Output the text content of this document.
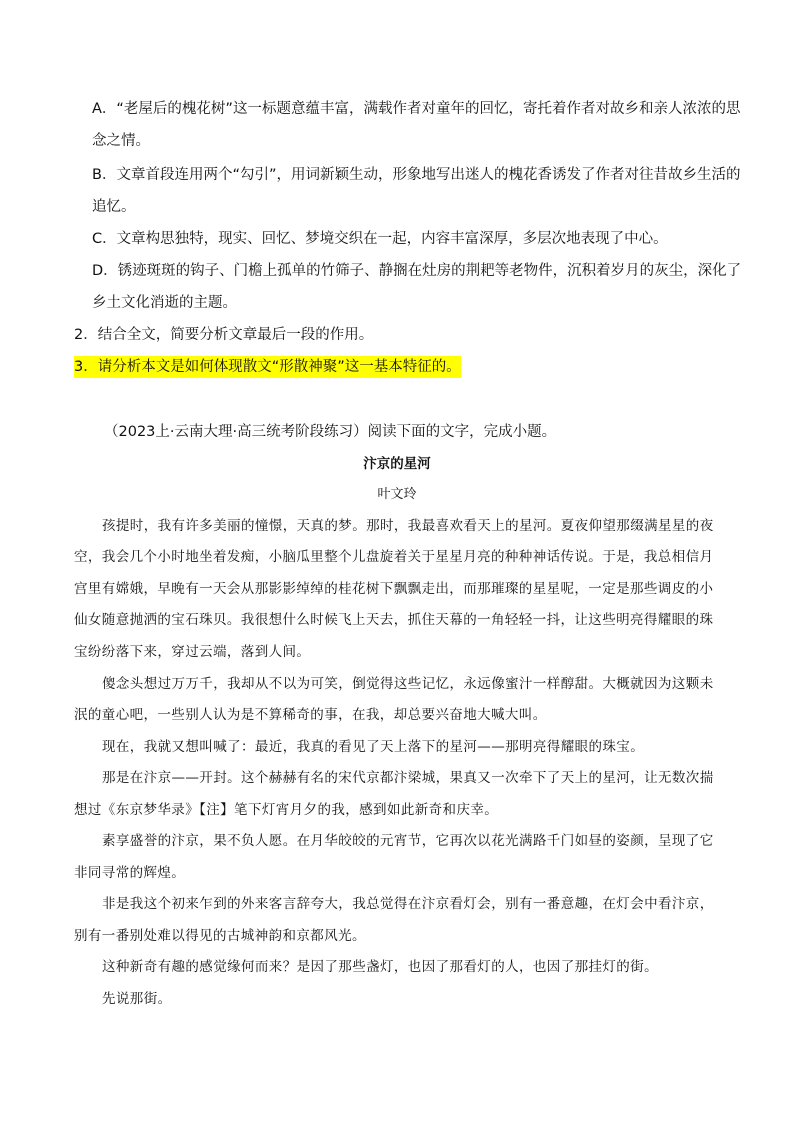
A．“老屋后的槐花树”这一标题意蕴丰富，满载作者对童年的回忆，寄托着作者对故乡和亲人浓浓的思
念之情。
B．文章首段连用两个“勾引”，用词新颖生动，形象地写出迷人的槐花香诱发了作者对往昔故乡生活的
追忆。
C．文章构思独特，现实、回忆、梦境交织在一起，内容丰富深厚，多层次地表现了中心。
D．锈迹斑斑的钩子、门檐上孤单的竹筛子、静搁在灶房的荆耙等老物件，沉积着岁月的灰尘，深化了
乡土文化消逝的主题。
2．结合全文，简要分析文章最后一段的作用。
3．请分析本文是如何体现散文“形散神聚”这一基本特征的。
（2023上·云南大理·高三统考阶段练习）阅读下面的文字，完成小题。
汴京的星河
叶文玲
孩提时，我有许多美丽的憧憬，天真的梦。那时，我最喜欢看天上的星河。夏夜仰望那缀满星星的夜
空，我会几个小时地坐着发痴，小脑瓜里整个儿盘旋着关于星星月亮的种种神话传说。于是，我总相信月
宫里有嫦娥，早晚有一天会从那影影绰绰的桂花树下飘飘走出，而那璀璨的星星呢，一定是那些调皮的小
仙女随意抛洒的宝石珠贝。我很想什么时候飞上天去，抓住天幕的一角轻轻一抖，让这些明亮得耀眼的珠
宝纷纷落下来，穿过云端，落到人间。
傻念头想过万万千，我却从不以为可笑，倒觉得这些记忆，永远像蜜汁一样醇甜。大概就因为这颗未
泯的童心吧，一些别人认为是不算稀奇的事，在我，却总要兴奋地大喊大叫。
现在，我就又想叫喊了：最近，我真的看见了天上落下的星河——那明亮得耀眼的珠宝。
那是在汴京——开封。这个赫赫有名的宋代京都汴梁城，果真又一次牵下了天上的星河，让无数次揣
想过《东京梦华录》【注】笔下灯宵月夕的我，感到如此新奇和庆幸。
素享盛誉的汴京，果不负人愿。在月华皎皎的元宵节，它再次以花光满路千门如昼的姿颜，呈现了它
非同寻常的辉煌。
非是我这个初来乍到的外来客言辞夸大，我总觉得在汴京看灯会，别有一番意趣，在灯会中看汴京，
别有一番别处难以得见的古城神韵和京都风光。
这种新奇有趣的感觉缘何而来？是因了那些盏灯，也因了那看灯的人，也因了那挂灯的街。
先说那街。
